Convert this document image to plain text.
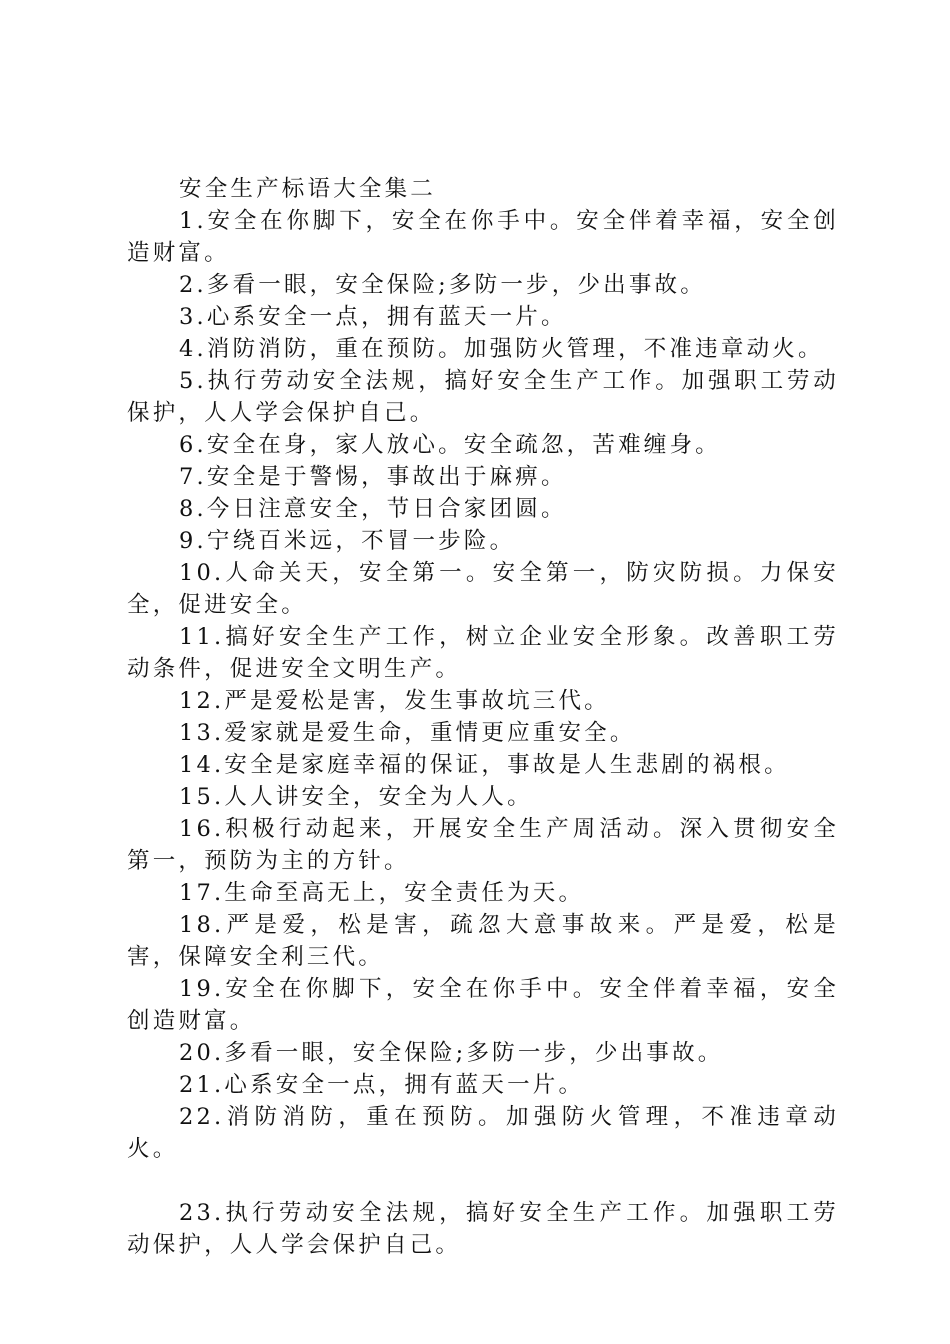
安全生产标语大全集二

1.安全在你脚下，安全在你手中。安全伴着幸福，安全创造财富。

2.多看一眼，安全保险;多防一步，少出事故。

3.心系安全一点，拥有蓝天一片。

4.消防消防，重在预防。加强防火管理，不准违章动火。

5.执行劳动安全法规，搞好安全生产工作。加强职工劳动保护，人人学会保护自己。

6.安全在身，家人放心。安全疏忽，苦难缠身。

7.安全是于警惕，事故出于麻痹。

8.今日注意安全，节日合家团圆。

9.宁绕百米远，不冒一步险。

10.人命关天，安全第一。安全第一，防灾防损。力保安全，促进安全。

11.搞好安全生产工作，树立企业安全形象。改善职工劳动条件，促进安全文明生产。

12.严是爱松是害，发生事故坑三代。

13.爱家就是爱生命，重情更应重安全。

14.安全是家庭幸福的保证，事故是人生悲剧的祸根。

15.人人讲安全，安全为人人。

16.积极行动起来，开展安全生产周活动。深入贯彻安全第一，预防为主的方针。

17.生命至高无上，安全责任为天。

18.严是爱，松是害，疏忽大意事故来。严是爱，松是害，保障安全利三代。

19.安全在你脚下，安全在你手中。安全伴着幸福，安全创造财富。

20.多看一眼，安全保险;多防一步，少出事故。

21.心系安全一点，拥有蓝天一片。

22.消防消防，重在预防。加强防火管理，不准违章动火。

23.执行劳动安全法规，搞好安全生产工作。加强职工劳动保护，人人学会保护自己。
